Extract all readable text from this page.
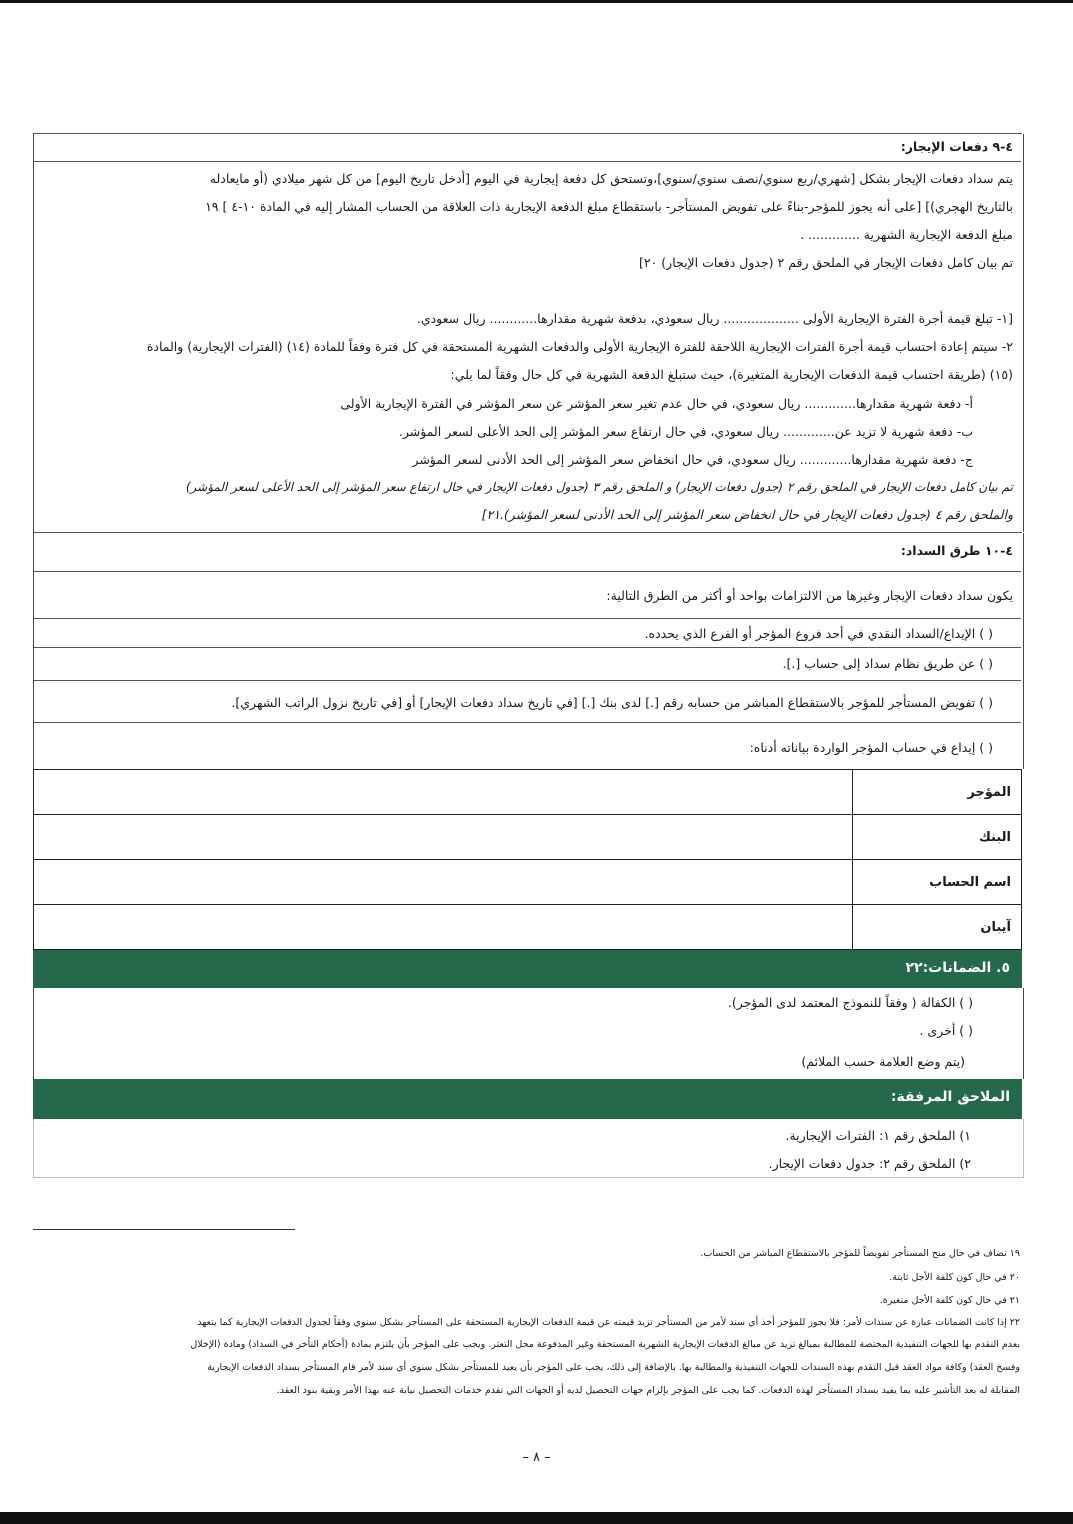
٤-٩ دفعات الإيجار:
يتم سداد دفعات الإيجار بشكل [شهري/ربع سنوي/نصف سنوي/سنوي]،وتستحق كل دفعة إيجارية في اليوم [أدخل تاريخ اليوم] من كل شهر ميلادي (أو مايعادله
بالتاريخ الهجري)] [على أنه يجوز للمؤجر-بناءً على تفويض المستأجر- باستقطاع مبلغ الدفعة الإيجارية ذات العلاقة من الحساب المشار إليه في المادة ١٠-٤ ] ١٩
مبلغ الدفعة الإيجارية الشهرية ............. .
تم بيان كامل دفعات الإيجار في الملحق رقم ٢ (جدول دفعات الإيجار) ٢٠]
[١- تبلغ قيمة أجرة الفترة الإيجارية الأولى ................... ريال سعودي، بدفعة شهرية مقدارها............ ريال سعودي.
٢- سيتم إعادة احتساب قيمة أجرة الفترات الإيجارية اللاحقة للفترة الإيجارية الأولى والدفعات الشهرية المستحقة في كل فترة وفقاً للمادة (١٤) (الفترات الإيجارية) والمادة
(١٥) (طريقة احتساب قيمة الدفعات الإيجارية المتغيرة)، حيث ستبلغ الدفعة الشهرية في كل حال وفقاً لما يلي:
أ- دفعة شهرية مقدارها............. ريال سعودي، في حال عدم تغير سعر المؤشر عن سعر المؤشر في الفترة الإيجارية الأولى
ب- دفعة شهرية لا تزيد عن............. ريال سعودي، في حال ارتفاع سعر المؤشر إلى الحد الأعلى لسعر المؤشر.
ج- دفعة شهرية مقدارها............. ريال سعودي، في حال انخفاض سعر المؤشر إلى الحد الأدنى لسعر المؤشر
تم بيان كامل دفعات الإيجار في الملحق رقم ٢ (جدول دفعات الإيجار) و الملحق رقم ٣ (جدول دفعات الإيجار في حال ارتفاع سعر المؤشر إلى الحد الأعلى لسعر المؤشر)
والملحق رقم ٤ (جدول دفعات الإيجار في حال انخفاض سعر المؤشر إلى الحد الأدنى لسعر المؤشر).٢١]
٤-١٠ طرق السداد:
يكون سداد دفعات الإيجار وغيرها من الالتزامات بواحد أو أكثر من الطرق التالية:
( ) الإيداع/السداد النقدي في أحد فروع المؤجر أو الفرع الذي يحدده.
( ) عن طريق نظام سداد إلى حساب [.].
( ) تفويض المستأجر للمؤجر بالاستقطاع المباشر من حسابه رقم [.] لدى بنك [.] [في تاريخ سداد دفعات الإيجار] أو [في تاريخ نزول الراتب الشهري].
( ) إيداع في حساب المؤجر الواردة بياناته أدناه:
المؤجر	
البنك	
اسم الحساب	
آيبان	
٥. الضمانات:٢٢
( ) الكفالة ( وفقاً للنموذج المعتمد لدى المؤجر).
( ) أخرى .
(يتم وضع العلامة حسب الملائم)
الملاحق المرفقة:
١) الملحق رقم ١: الفترات الإيجارية.
٢) الملحق رقم ٢: جدول دفعات الإيجار.
١٩ تضاف في حال منح المستأجر تفويضاً للمؤجر بالاستقطاع المباشر من الحساب.
٢٠ في حال كون كلفة الأجل ثابتة.
٢١ في حال كون كلفة الأجل متغيرة.
٢٢ إذا كانت الضمانات عبارة عن سندات لأمر: فلا يجوز للمؤجر أخذ أي سند لأمر من المستأجر تزيد قيمته عن قيمة الدفعات الإيجارية المستحقة على المستأجر بشكل سنوي وفقاً لجدول الدفعات الإيجارية كما يتعهد
بعدم التقدم بها للجهات التنفيذية المختصة للمطالبة بمبالغ تزيد عن مبالغ الدفعات الإيجارية الشهرية المستحقة وغير المدفوعة محل التعثر. ويجب على المؤجر بأن يلتزم بمادة (أحكام التأخر في السداد) ومادة (الإخلال
وفسخ العقد) وكافة مواد العقد قبل التقدم بهذه السندات للجهات التنفيذية والمطالبة بها. بالإضافة إلى ذلك، يجب على المؤجر بأن يعيد للمستأجر بشكل سنوي أي سند لأمر قام المستأجر بسداد الدفعات الإيجارية
المقابلة له بعد التأشير عليه بما يفيد بسداد المستأجر لهذه الدفعات. كما يجب على المؤجر بإلزام جهات التحصيل لديه أو الجهات التي تقدم خدمات التحصيل نيابة عنه بهذا الأمر وبقية بنود العقد.
– ٨ –
